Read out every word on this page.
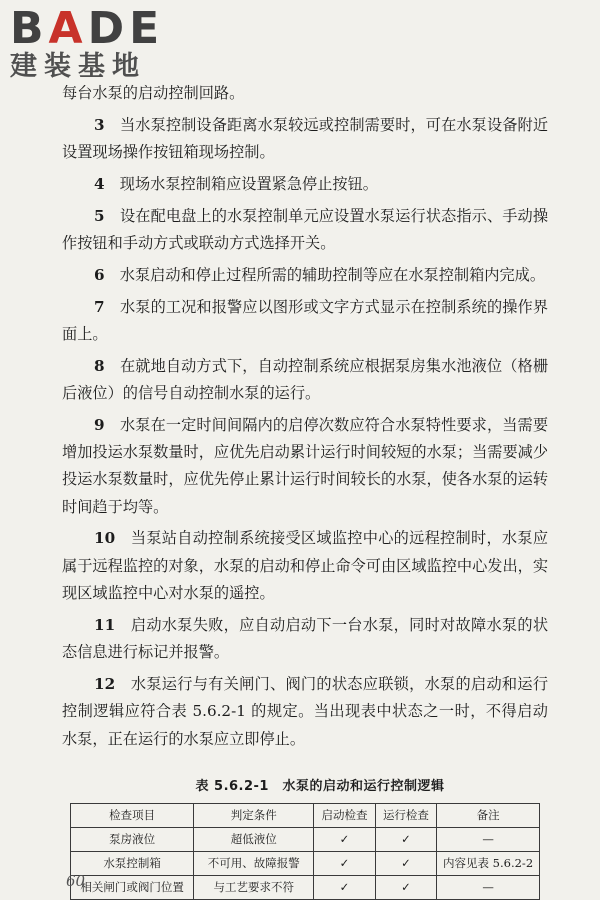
BADE
建装基地

每台水泵的启动控制回路。

3　 当水泵控制设备距离水泵较远或控制需要时，可在水泵设备附近设置现场操作按钮箱现场控制。

4　 现场水泵控制箱应设置紧急停止按钮。

5　 设在配电盘上的水泵控制单元应设置水泵运行状态指示、手动操作按钮和手动方式或联动方式选择开关。

6　 水泵启动和停止过程所需的辅助控制等应在水泵控制箱内完成。

7　 水泵的工况和报警应以图形或文字方式显示在控制系统的操作界面上。

8　 在就地自动方式下，自动控制系统应根据泵房集水池液位（格栅后液位）的信号自动控制水泵的运行。

9　 水泵在一定时间间隔内的启停次数应符合水泵特性要求，当需要增加投运水泵数量时，应优先启动累计运行时间较短的水泵；当需要减少投运水泵数量时，应优先停止累计运行时间较长的水泵，使各水泵的运转时间趋于均等。

10　 当泵站自动控制系统接受区域监控中心的远程控制时，水泵应属于远程监控的对象，水泵的启动和停止命令可由区域监控中心发出，实现区域监控中心对水泵的遥控。

11　 启动水泵失败，应自动启动下一台水泵，同时对故障水泵的状态信息进行标记并报警。

12　 水泵运行与有关闸门、阀门的状态应联锁，水泵的启动和运行控制逻辑应符合表 5.6.2-1 的规定。当出现表中状态之一时，不得启动水泵，正在运行的水泵应立即停止。

表 5.6.2-1　水泵的启动和运行控制逻辑
检查项目	判定条件	启动检查	运行检查	备注
泵房液位	超低液位	✓	✓	—
水泵控制箱	不可用、故障报警	✓	✓	内容见表 5.6.2-2
相关闸门或阀门位置	与工艺要求不符	✓	✓	—
60
